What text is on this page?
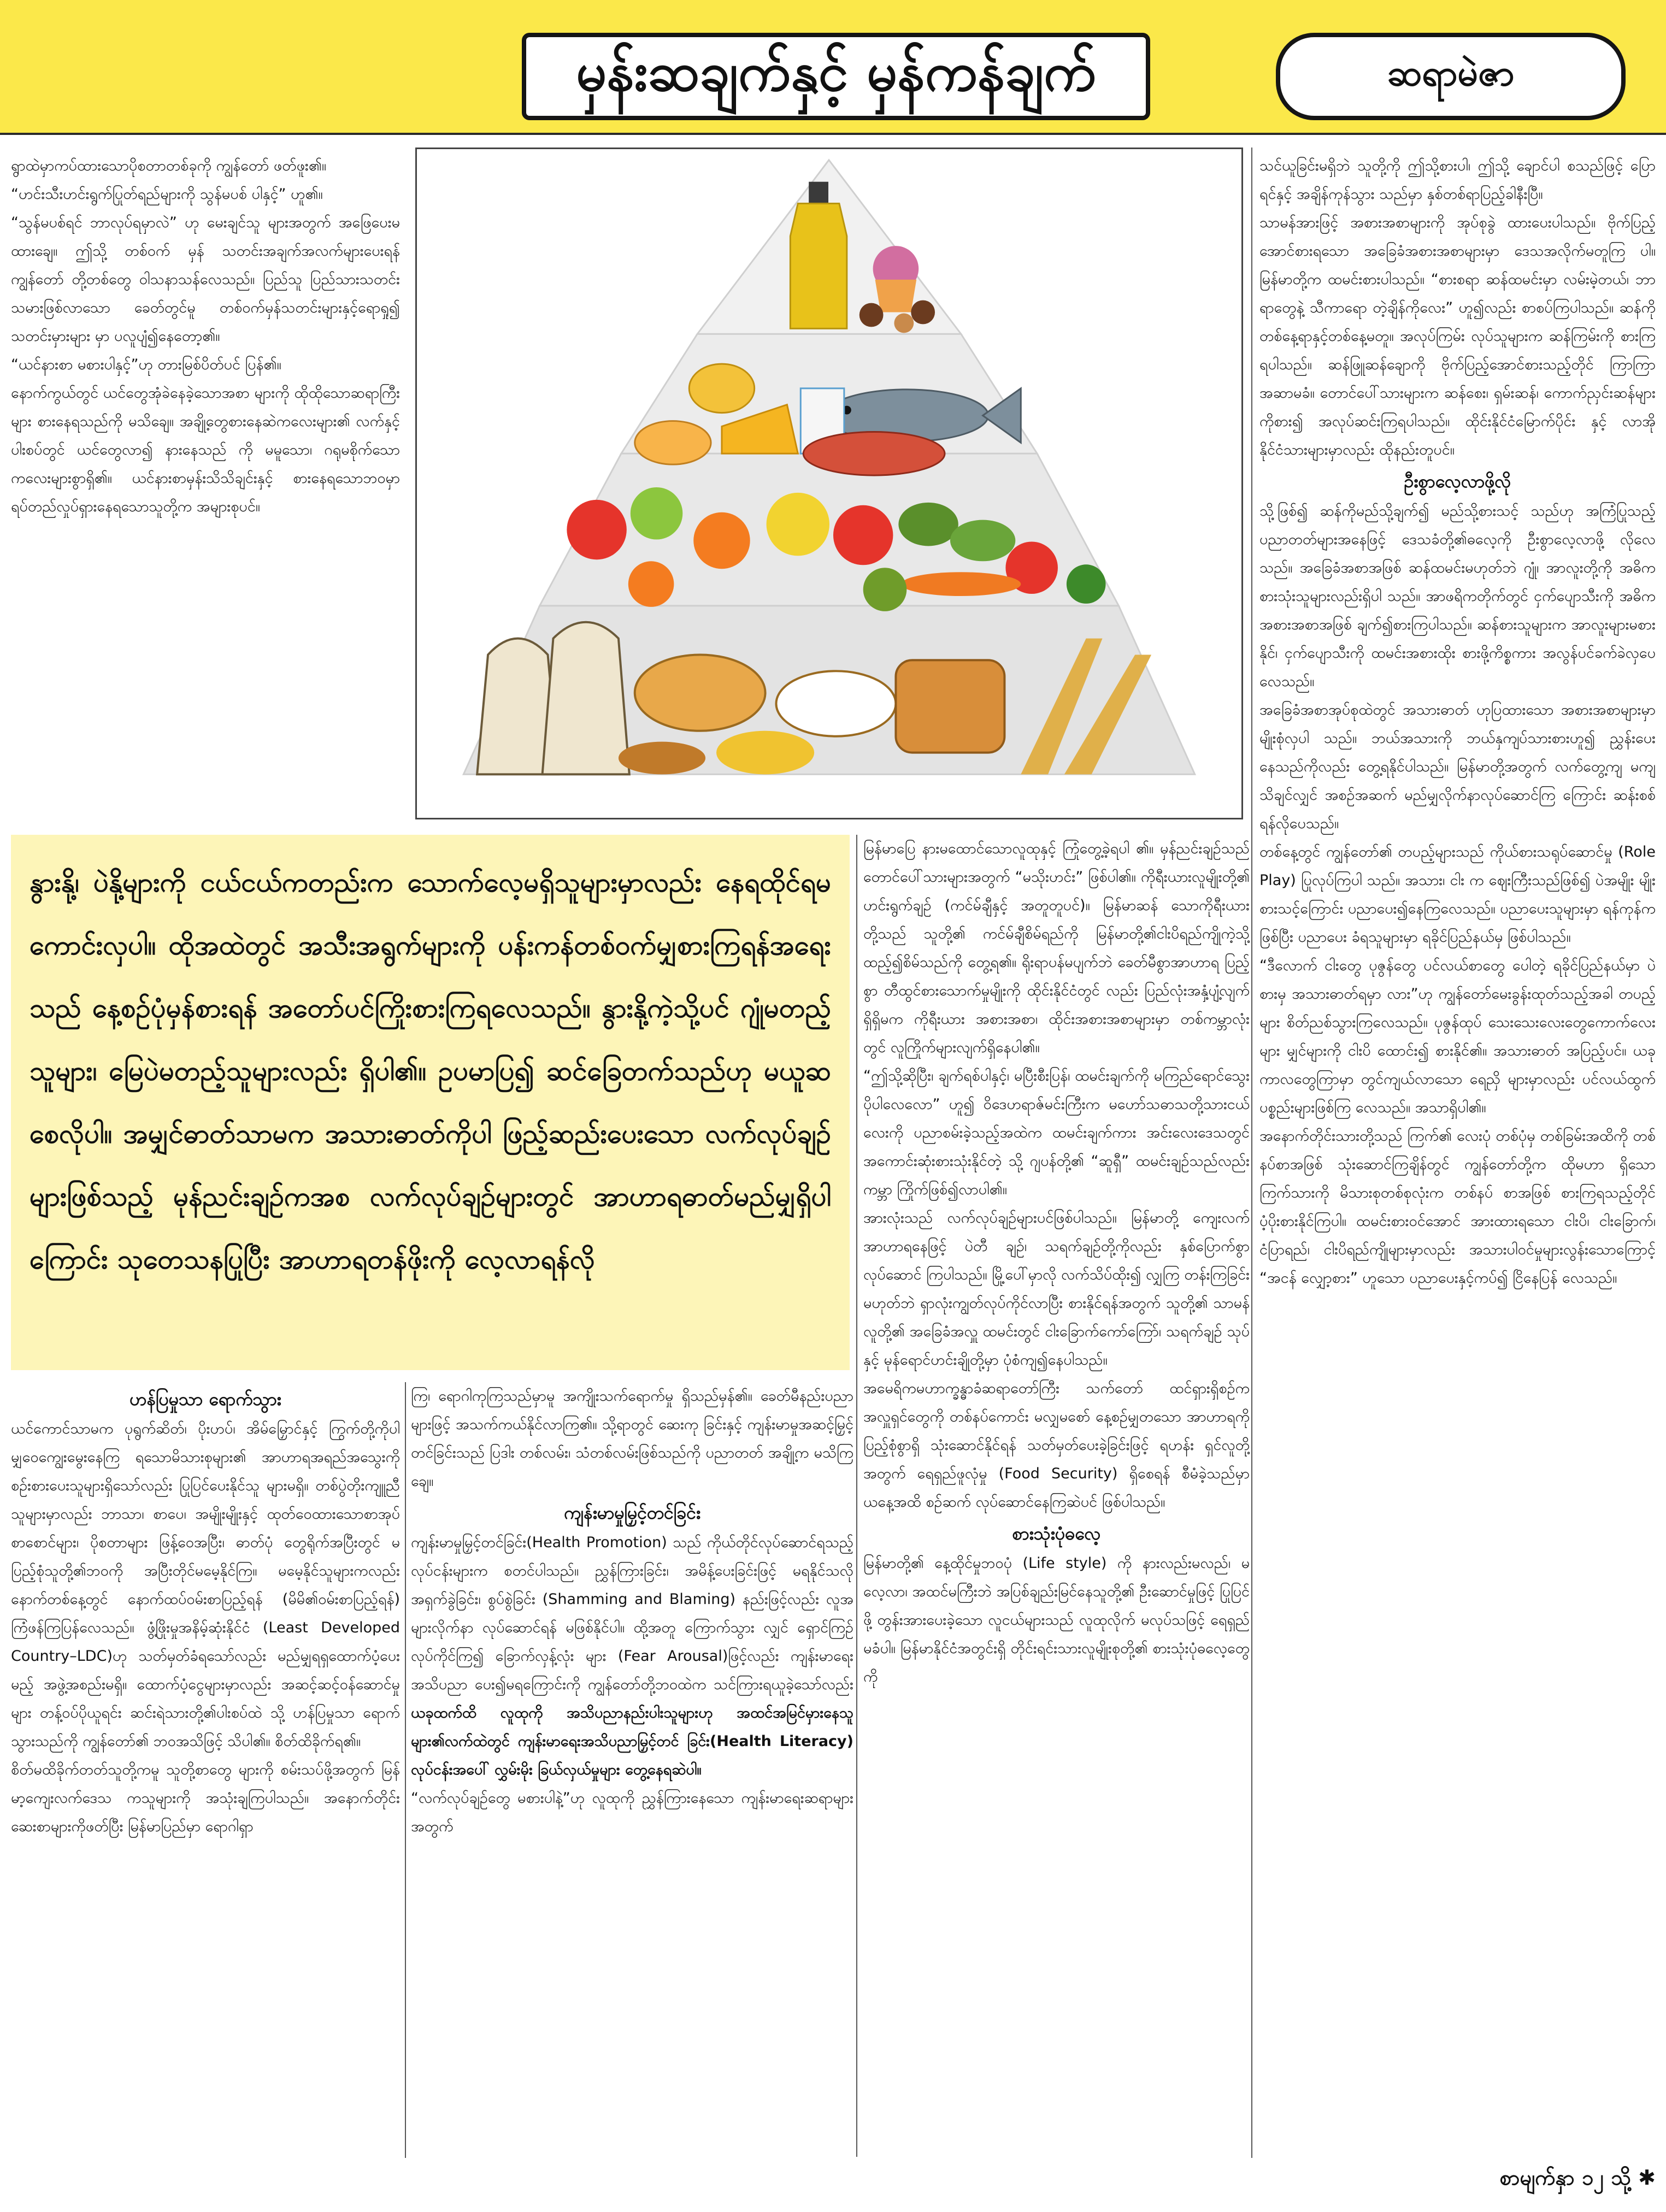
မှန်းဆချက်နှင့် မှန်ကန်ချက်	ဆရာမဲဇာ

ရွာထဲမှာကပ်ထားသောပိုစတာတစ်ခုကို ကျွန်တော် ဖတ်ဖူး၏။

“ဟင်းသီးဟင်းရွက်ပြုတ်ရည်များကို သွန်မပစ် ပါနှင့်” ဟူ၏။

“သွန်မပစ်ရင် ဘာလုပ်ရမှာလဲ” ဟု မေးချင်သူ များအတွက် အဖြေပေးမထားချေ။ ဤသို့ တစ်ဝက် မှန် သတင်းအချက်အလက်များပေးရန် ကျွန်တော် တို့တစ်တွေ ဝါသနာသန်လေသည်။ ပြည်သူ ပြည်သားသတင်းသမားဖြစ်လာသော ခေတ်တွင်မူ တစ်ဝက်မှန်သတင်းများနှင့်ရောရှု၍ သတင်းမှားများ မှာ ပလူပျံ၍နေတော့၏။

“ယင်နားစာ မစားပါနှင့်”ဟု တားမြစ်ပိတ်ပင် ပြန်၏။

နောက်ကွယ်တွင် ယင်တွေအုံခဲနေခဲ့သောအစာ များကို ထိုထိုသောဆရာကြီးများ စားနေရသည်ကို မသိချေ။ အချို့တွေစားနေဆဲကလေးများ၏ လက်နှင့် ပါးစပ်တွင် ယင်တွေလာ၍ နားနေသည် ကို မမူသော၊ ဂရုမစိုက်သော ကလေးများစွာရှိ၏။ ယင်နားစာမှန်းသိသိချင်းနှင့် စားနေရသောဘဝမှာ ရပ်တည်လှုပ်ရှားနေရသောသူတို့က အများစုပင်။

နွားနို့၊ ပဲနို့များကို ငယ်ငယ်ကတည်းက သောက်လေ့မရှိသူများမှာလည်း နေရထိုင်ရမကောင်းလှပါ။ ထိုအထဲတွင် အသီးအရွက်များကို ပန်းကန်တစ်ဝက်မျှစားကြရန်အရေးသည် နေ့စဉ်ပုံမှန်စားရန် အတော်ပင်ကြိုးစားကြရလေသည်။ နွားနို့ကဲ့သို့ပင် ဂျုံမတည့်သူများ၊ မြေပဲမတည့်သူများလည်း ရှိပါ၏။ ဥပမာပြ၍ ဆင်ခြေတက်သည်ဟု မယူဆစေလိုပါ။ အမျှင်ဓာတ်သာမက အသားဓာတ်ကိုပါ ဖြည့်ဆည်းပေးသော လက်လုပ်ချဉ်များဖြစ်သည့် မုန်ညင်းချဉ်ကအစ လက်လုပ်ချဉ်များတွင် အာဟာရဓာတ်မည်မျှရှိပါကြောင်း သုတေသနပြုပြီး အာဟာရတန်ဖိုးကို လေ့လာရန်လို

သင်ယူခြင်းမရှိဘဲ သူတို့ကို ဤသို့စားပါ၊ ဤသို့ ချောင်ပါ စသည်ဖြင့် ပြောရင်နှင့် အချိန်ကုန်သွား သည်မှာ နှစ်တစ်ရာပြည့်ခါနီးပြီ။

သာမန်အားဖြင့် အစားအစာများကို အုပ်စုခွဲ ထားပေးပါသည်။ ဗိုက်ပြည့်အောင်စားရသော အခြေခံအစားအစာများမှာ ဒေသအလိုက်မတူကြ ပါ။ မြန်မာတို့က ထမင်းစားပါသည်။ “စားစရာ ဆန်ထမင်းမှာ လမ်းမဲ့တယ်၊ ဘာရာတွေနဲ့ သီကာရော တဲ့ချိန်ကိုလေး” ဟူ၍လည်း စာစပ်ကြပါသည်။ ဆန်ကို တစ်နေ့ရာနှင့်တစ်နေ့မတူ။ အလုပ်ကြမ်း လုပ်သူများက ဆန်ကြမ်းကို စားကြရပါသည်။ ဆန်ဖြူဆန်ချောကို ဗိုက်ပြည့်အောင်စားသည့်တိုင် ကြာကြာအဆာမခံ။ တောင်ပေါ်သားများက ဆန်စေး၊ ရှမ်းဆန်၊ ကောက်ညှင်းဆန်များကိုစား၍ အလုပ်ဆင်းကြရပါသည်။ ထိုင်းနိုင်ငံမြောက်ပိုင်း နှင့် လာအိုနိုင်ငံသားများမှာလည်း ထိုနည်းတူပင်။

ဦးစွာလေ့လာဖို့လို

သို့ဖြစ်၍ ဆန်ကိုမည်သို့ချက်၍ မည်သို့စားသင့် သည်ဟု အကြံပြုသည့် ပညာတတ်များအနေဖြင့် ဒေသခံတို့၏ဓလေ့ကို ဦးစွာလေ့လာဖို့ လိုလေ သည်။ အခြေခံအစာအဖြစ် ဆန်ထမင်းမဟုတ်ဘဲ ဂျုံ၊ အာလူးတို့ကို အဓိကစားသုံးသူများလည်းရှိပါ သည်။ အာဖရိကတိုက်တွင် ငှက်ပျောသီးကို အဓိကအစားအစာအဖြစ် ချက်၍စားကြပါသည်။ ဆန်စားသူများက အာလူးများမစားနိုင်၊ ငှက်ပျောသီးကို ထမင်းအစားထိုး စားဖို့ကိစ္စကား အလွန်ပင်ခက်ခဲလှပေလေသည်။

အခြေခံအစာအုပ်စုထဲတွင် အသားဓာတ် ဟုပြထားသော အစားအစာများမှာ မျိုးစုံလှပါ သည်။ ဘယ်အသားကို ဘယ်နှကျပ်သားစားဟူ၍ ညွှန်းပေးနေသည်ကိုလည်း တွေ့ရနိုင်ပါသည်။ မြန်မာတို့အတွက် လက်တွေ့ကျ မကျသိချင်လျှင် အစဉ်အဆက် မည်မျှလိုက်နာလုပ်ဆောင်ကြ ကြောင်း ဆန်းစစ်ရန်လိုပေသည်။

တစ်နေ့တွင် ကျွန်တော်၏ တပည့်များသည် ကိုယ်စားသရုပ်ဆောင်မှု (Role Play) ပြုလုပ်ကြပါ သည်။ အသား၊ ငါး က ဈေးကြီးသည်ဖြစ်၍ ပဲအမျိုး မျိုးစားသင့်ကြောင်း ပညာပေး၍နေကြလေသည်။ ပညာပေးသူများမှာ ရန်ကုန်ကဖြစ်ပြီး ပညာပေး ခံရသူများမှာ ရခိုင်ပြည်နယ်မှ ဖြစ်ပါသည်။

“ဒီလောက် ငါးတွေ ပုဇွန်တွေ ပင်လယ်စာတွေ ပေါတဲ့ ရခိုင်ပြည်နယ်မှာ ပဲစားမှ အသားဓာတ်ရမှာ လား”ဟု ကျွန်တော်မေးခွန်းထုတ်သည့်အခါ တပည့်များ စိတ်ညစ်သွားကြလေသည်။ ပုဇွန်ထုပ် သေးသေးလေးတွေကောက်လေးများ မျှင်များကို ငါးပိ ထောင်း၍ စားနိုင်၏။ အသားဓာတ် အပြည့်ပင်။ ယခုကာလတွေကြာမှာ တွင်ကျယ်လာသော ရေညှိ များမှာလည်း ပင်လယ်ထွက်ပစ္စည်းများဖြစ်ကြ လေသည်။ အသာရှိပါ၏။

အနောက်တိုင်းသားတို့သည် ကြက်၏ လေးပုံ တစ်ပုံမှ တစ်ခြမ်းအထိကို တစ်နပ်စာအဖြစ် သုံးဆောင်ကြချိန်တွင် ကျွန်တော်တို့က ထိုမဟာ ရှိသောကြက်သားကို မိသားစုတစ်စုလုံးက တစ်နပ် စာအဖြစ် စားကြရသည့်တိုင် ပံ့ပိုးစားနိုင်ကြပါ။ ထမင်းစားဝင်အောင် အားထားရသော ငါးပိ၊ ငါးခြောက်၊ ငံပြာရည်၊ ငါးပိရည်ကျိုများမှာလည်း အသားပါဝင်မှုများလွန်းသောကြောင့် “အငန် လျှော့စား” ဟူသော ပညာပေးနှင့်ကပ်၍ ငြိနေပြန် လေသည်။

မြန်မာပြေ နားမထောင်သောလူထုနှင့် ကြုံတွေ့ခဲ့ရပါ ၏။ မှန်ညင်းချဉ်သည် တောင်ပေါ်သားများအတွက် “မသိုးဟင်း” ဖြစ်ပါ၏။ ကိုရီးယားလူမျိုးတို့၏ ဟင်းရွက်ချဉ် (ကင်မ်ချီနှင့် အတူတူပင်)။ မြန်မာဆန် သောကိုရီးယားတို့သည် သူတို့၏ ကင်မ်ချီစိမ်ရည်ကို မြန်မာတို့၏ငါးပိရည်ကျိုကဲ့သို့ ထည့်၍စိမ်သည်ကို တွေ့ရ၏။ ရိုးရာပန်မပျက်ဘဲ ခေတ်မီစွာအာဟာရ ပြည့်စွာ တီထွင်စားသောက်မှုမျိုးကို ထိုင်းနိုင်ငံတွင် လည်း ပြည်လုံးအနှံ့ပျံ့လျက်ရှိရှိမက ကိုရီးယား အစားအစာ၊ ထိုင်းအစားအစာများမှာ တစ်ကမ္ဘာလုံး တွင် လူကြိုက်များလျက်ရှိနေပါ၏။

“ဤသို့ဆိုပြီး၊ ချက်ရစ်ပါနှင့်၊ မပြီးစီးပြန်၊ ထမင်းချက်ကို မကြည်ရောင်သွေး ပိုပါလေလော” ဟူ၍ ဝိဒေဟရာဇ်မင်းကြီးက မဟော်သဓာသတို့သားငယ် လေးကို ပညာစမ်းခဲ့သည့်အထဲက ထမင်းချက်ကား အင်းလေးဒေသတွင် အကောင်းဆုံးစားသုံးနိုင်တဲ့ သို့ ဂျပန်တို့၏ “ဆူရှီ” ထမင်းချဉ်သည်လည်း ကမ္ဘာ ကြိုက်ဖြစ်၍လာပါ၏။

အားလုံးသည် လက်လုပ်ချဉ်များပင်ဖြစ်ပါသည်။ မြန်မာတို့ ကျေးလက်အာဟာရနေဖြင့် ပဲတီ ချဉ်၊ သရက်ချဉ်တို့ကိုလည်း နှစ်ပြောက်စွာလုပ်ဆောင် ကြပါသည်။ မြို့ပေါ်မှာလို လက်သိပ်ထိုး၍ လျှကြ တန်းကြခြင်းမဟုတ်ဘဲ ရှာလုံးကျွတ်လုပ်ကိုင်လာပြီး စားနိုင်ရန်အတွက် သူတို့၏ သာမန်လူတို့၏ အခြေခံအလှူ ထမင်းတွင် ငါးခြောက်ကော်ကြော်၊ သရက်ချဉ် သုပ်နှင့် မုန်ရောင်ဟင်းချိုတို့မှာ ပုံစံကျ၍နေပါသည်။

အမေရိကမဟာက္ခန္ဓာခံဆရာတော်ကြီး သက်တော် ထင်ရှားရှိစဉ်က အလှူရှင်တွေကို တစ်နပ်ကောင်း မလျှမစော် နေ့စဉ်မျှတသော အာဟာရကို ပြည့်စုံစွာရှိ သုံးဆောင်နိုင်ရန် သတ်မှတ်ပေးခဲ့ခြင်းဖြင့် ရဟန်း ရှင်လူတို့အတွက် ရေရှည်ဖူလုံမှု (Food Security) ရှိစေရန် စီမံခဲ့သည်မှာ ယနေ့အထိ စဉ်ဆက် လုပ်ဆောင်နေကြဆဲပင် ဖြစ်ပါသည်။

စားသုံးပုံဓလေ့

မြန်မာတို့၏ နေ့ထိုင်မှုဘဝပုံ (Life style) ကို နားလည်းမလည်၊ မလေ့လာ၊ အထင်မကြီးဘဲ အပြစ်ချည်းမြင်နေသူတို့၏ ဦးဆောင်မှုဖြင့် ပြုပြင်ဖို့ တွန်းအားပေးခဲ့သော လူငယ်များသည် လူထုလိုက် မလုပ်သဖြင့် ရေရှည်မခံပါ။ မြန်မာနိုင်ငံအတွင်းရှိ တိုင်းရင်းသားလူမျိုးစုတို့၏ စားသုံးပုံဓလေ့တွေကို

ဟန်ပြမှုသာ ရောက်သွား

ယင်ကောင်သာမက ပုရွက်ဆိတ်၊ ပိုးဟပ်၊ အိမ်မြှောင်နှင့် ကြွက်တို့ကိုပါ မျှဝေကျွေးမွေးနေကြ ရသောမိသားစုများ၏ အာဟာရအရည်အသွေးကို စဉ်းစားပေးသူများရှိသော်လည်း ပြုပြင်ပေးနိုင်သူ များမရှိ။ တစ်ပွဲတိုးကျူညီသူများမှာလည်း ဘာသာ၊ စာပေ၊ အမျိုးမျိုးနှင့် ထုတ်ဝေထားသောစာအုပ် စာစောင်များ၊ ပိုစတာများ ဖြန့်ဝေအပြီး၊ ဓာတ်ပုံ တွေရိုက်အပြီးတွင် မပြည့်စုံသူတို့၏ဘဝကို အပြီးတိုင်မမေ့နိုင်ကြ။ မမေ့နိုင်သူများကလည်း နောက်တစ်နေ့တွင် နောက်ထပ်ဝမ်းစာပြည့်ရန် (မိမိ၏ဝမ်းစာပြည့်ရန်) ကြံဖန်ကြပြန်လေသည်။ ဖွံ့ဖြိုးမှုအနိမ့်ဆုံးနိုင်ငံ (Least Developed Country–LDC)ဟု သတ်မှတ်ခံရသော်လည်း မည်မျှရရှထောက်ပံ့ပေးမည့် အဖွဲ့အစည်းမရှိ။ ထောက်ပံ့ငွေများမှာလည်း အဆင့်ဆင့်ဝန်ဆောင်မှု များ တန့်ဝပ်ပိုယူရင်း ဆင်းရဲသားတို့၏ပါးစပ်ထဲ သို့ ဟန်ပြမှုသာ ရောက်သွားသည်ကို ကျွန်တော်၏ ဘဝအသိဖြင့် သိပါ၏။ စိတ်ထိခိုက်ရ၏။

စိတ်မထိခိုက်တတ်သူတို့ကမူ သူတို့စာတွေ များကို စမ်းသပ်ဖို့အတွက် မြန်မာ့ကျေးလက်ဒေသ ကသူများကို အသုံးချကြပါသည်။ အနောက်တိုင်း ဆေးစာများကိုဖတ်ပြီး မြန်မာပြည်မှာ ရောဂါရှာ

ကြ၊ ရောဂါကုကြသည်မှာမူ အကျိုးသက်ရောက်မှု ရှိသည်မှန်၏။ ခေတ်မီနည်းပညာများဖြင့် အသက်ကယ်နိုင်လာကြ၏။ သို့ရာတွင် ဆေးကု ခြင်းနှင့် ကျန်းမာမှုအဆင့်မြှင့်တင်ခြင်းသည် ပြဒါး တစ်လမ်း၊ သံတစ်လမ်းဖြစ်သည်ကို ပညာတတ် အချို့က မသိကြချေ။

ကျန်းမာမှုမြှင့်တင်ခြင်း

ကျန်းမာမှုမြှင့်တင်ခြင်း(Health Promotion) သည် ကိုယ်တိုင်လုပ်ဆောင်ရသည့်လုပ်ငန်းများက စတင်ပါသည်။ ညွှန်ကြားခြင်း၊ အမိန့်ပေးခြင်းဖြင့် မရနိုင်သလို အရှက်ခွဲခြင်း၊ စွပ်စွဲခြင်း (Shamming and Blaming) နည်းဖြင့်လည်း လူအများလိုက်နာ လုပ်ဆောင်ရန် မဖြစ်နိုင်ပါ။ ထို့အတူ ကြောက်သွား လျှင် ရှောင်ကြဉ်လုပ်ကိုင်ကြ၍ ခြောက်လှန့်လုံး များ (Fear Arousal)ဖြင့်လည်း ကျန်းမာရေးအသိပညာ ပေး၍မရကြောင်းကို ကျွန်တော်တို့ဘဝထဲက သင်ကြားရယူခဲ့သော်လည်း ယခုထက်ထိ လူထုကို အသိပညာနည်းပါးသူများဟု အထင်အမြင်မှားနေသူ များ၏လက်ထဲတွင် ကျန်းမာရေးအသိပညာမြှင့်တင် ခြင်း(Health Literacy) လုပ်ငန်းအပေါ် လွှမ်းမိုး ခြယ်လှယ်မှုများ တွေ့နေရဆဲပါ။

“လက်လုပ်ချဉ်တွေ မစားပါနဲ့”ဟု လူထုကို ညွှန်ကြားနေသော ကျန်းမာရေးဆရာများအတွက်

စာမျက်နှာ ၁၂ သို့ ✱
